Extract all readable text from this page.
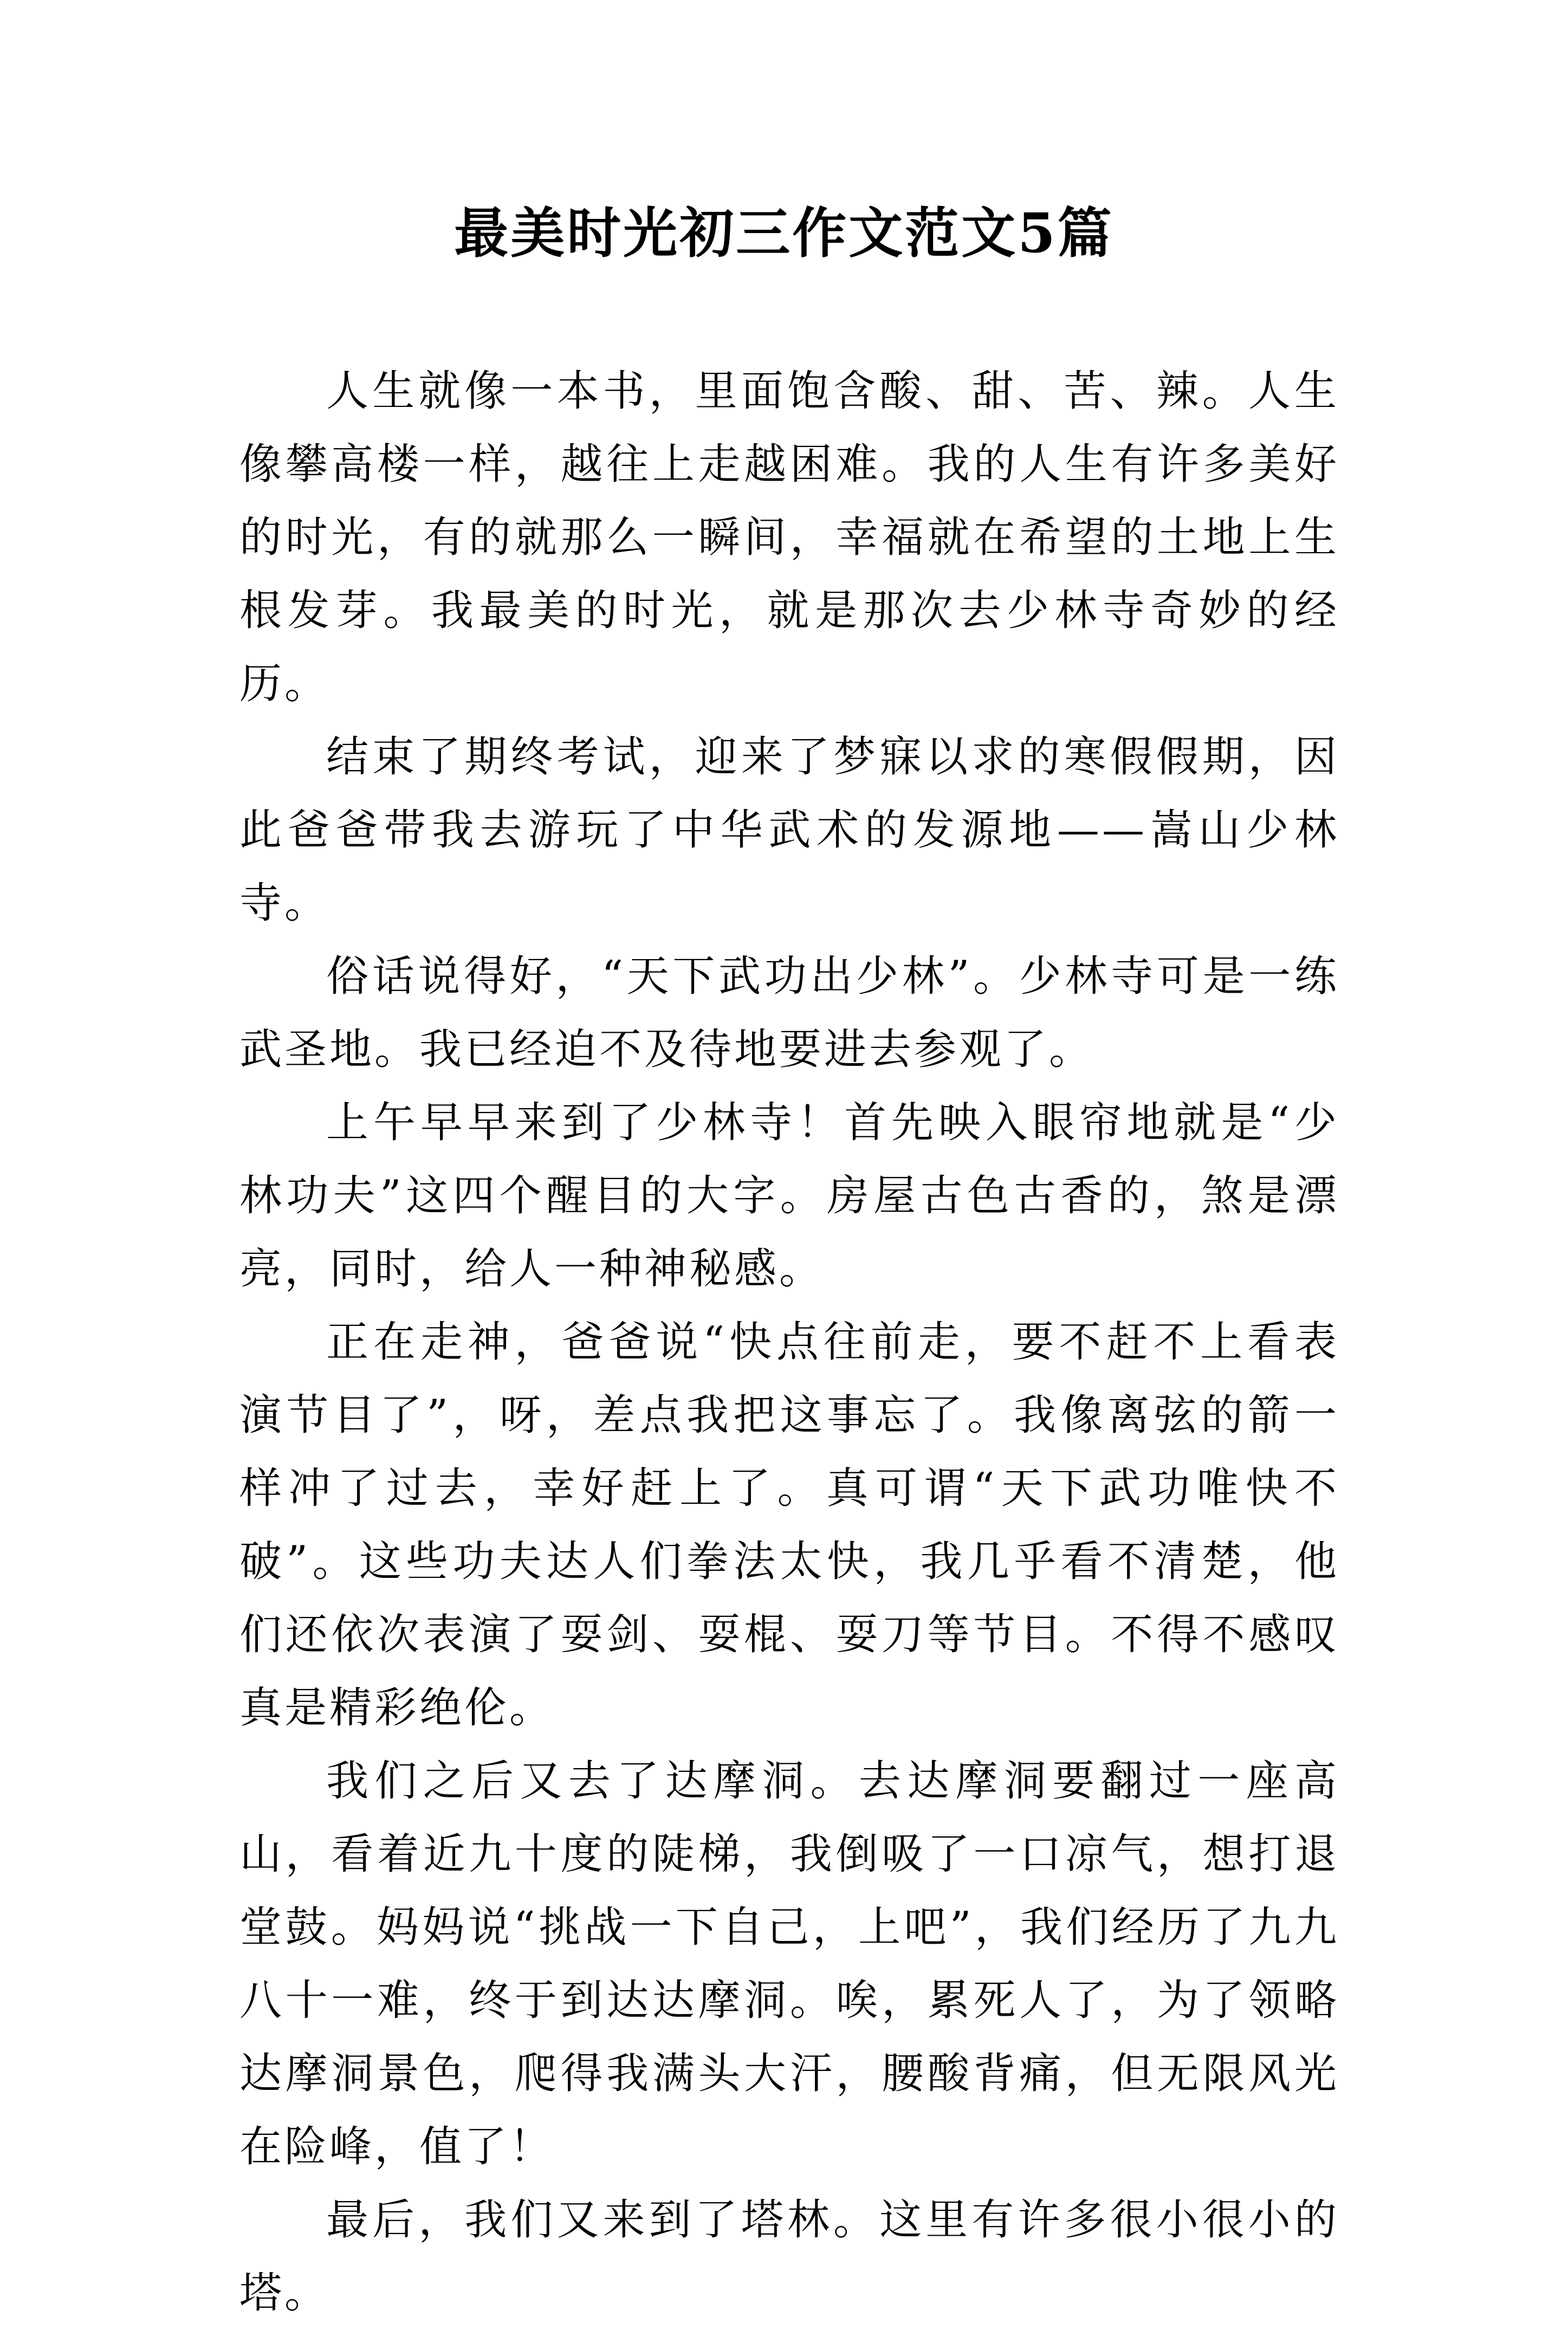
最美时光初三作文范文5篇

人生就像一本书，里面饱含酸、甜、苦、辣。人生像攀高楼一样，越往上走越困难。我的人生有许多美好的时光，有的就那么一瞬间，幸福就在希望的土地上生根发芽。我最美的时光，就是那次去少林寺奇妙的经历。

结束了期终考试，迎来了梦寐以求的寒假假期，因此爸爸带我去游玩了中华武术的发源地——嵩山少林寺。

俗话说得好，“天下武功出少林”。少林寺可是一练武圣地。我已经迫不及待地要进去参观了。

上午早早来到了少林寺！首先映入眼帘地就是“少林功夫”这四个醒目的大字。房屋古色古香的，煞是漂亮，同时，给人一种神秘感。

正在走神，爸爸说“快点往前走，要不赶不上看表演节目了”，呀，差点我把这事忘了。我像离弦的箭一样冲了过去，幸好赶上了。真可谓“天下武功唯快不破”。这些功夫达人们拳法太快，我几乎看不清楚，他们还依次表演了耍剑、耍棍、耍刀等节目。不得不感叹真是精彩绝伦。

我们之后又去了达摩洞。去达摩洞要翻过一座高山，看着近九十度的陡梯，我倒吸了一口凉气，想打退堂鼓。妈妈说“挑战一下自己，上吧”，我们经历了九九八十一难，终于到达达摩洞。唉，累死人了，为了领略达摩洞景色，爬得我满头大汗，腰酸背痛，但无限风光在险峰，值了！

最后，我们又来到了塔林。这里有许多很小很小的塔。
